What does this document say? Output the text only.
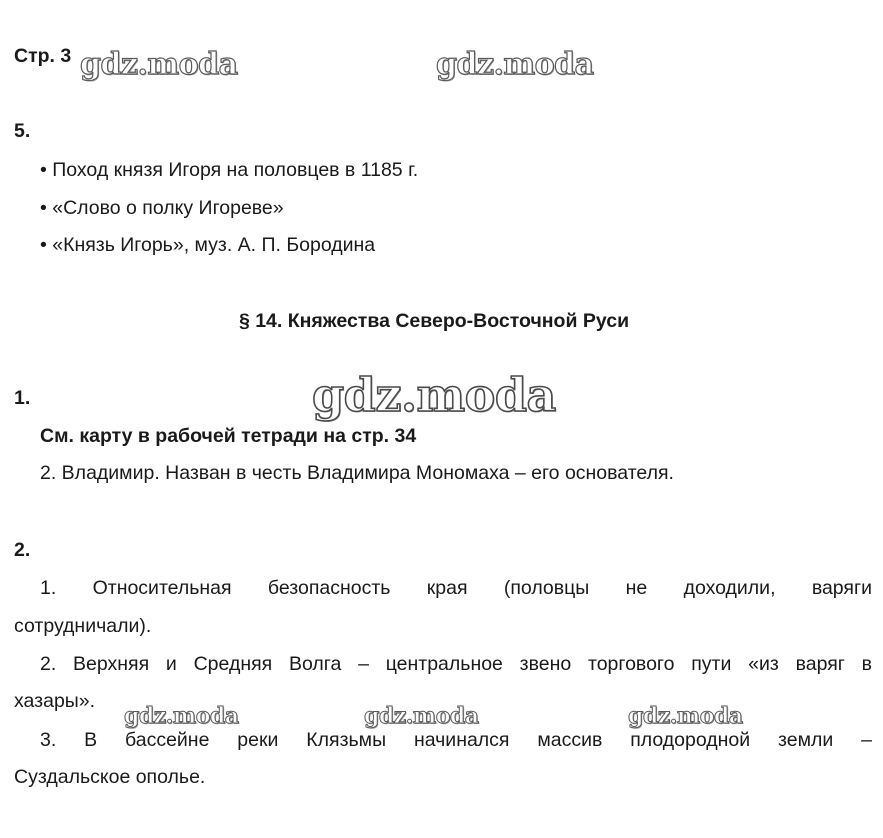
Стр. 3
5.
• Поход князя Игоря на половцев в 1185 г.
• «Слово о полку Игореве»
• «Князь Игорь», муз. А. П. Бородина
§ 14. Княжества Северо-Восточной Руси
1.
См. карту в рабочей тетради на стр. 34
2. Владимир. Назван в честь Владимира Мономаха – его основателя.
2.
1. Относительная безопасность края (половцы не доходили, варяги
сотрудничали).
2. Верхняя и Средняя Волга – центральное звено торгового пути «из варяг в
хазары».
3. В бассейне реки Клязьмы начинался массив плодородной земли –
Суздальское ополье.
gdz.moda	gdz.moda
gdz.moda
gdz.moda	gdz.moda	gdz.moda
